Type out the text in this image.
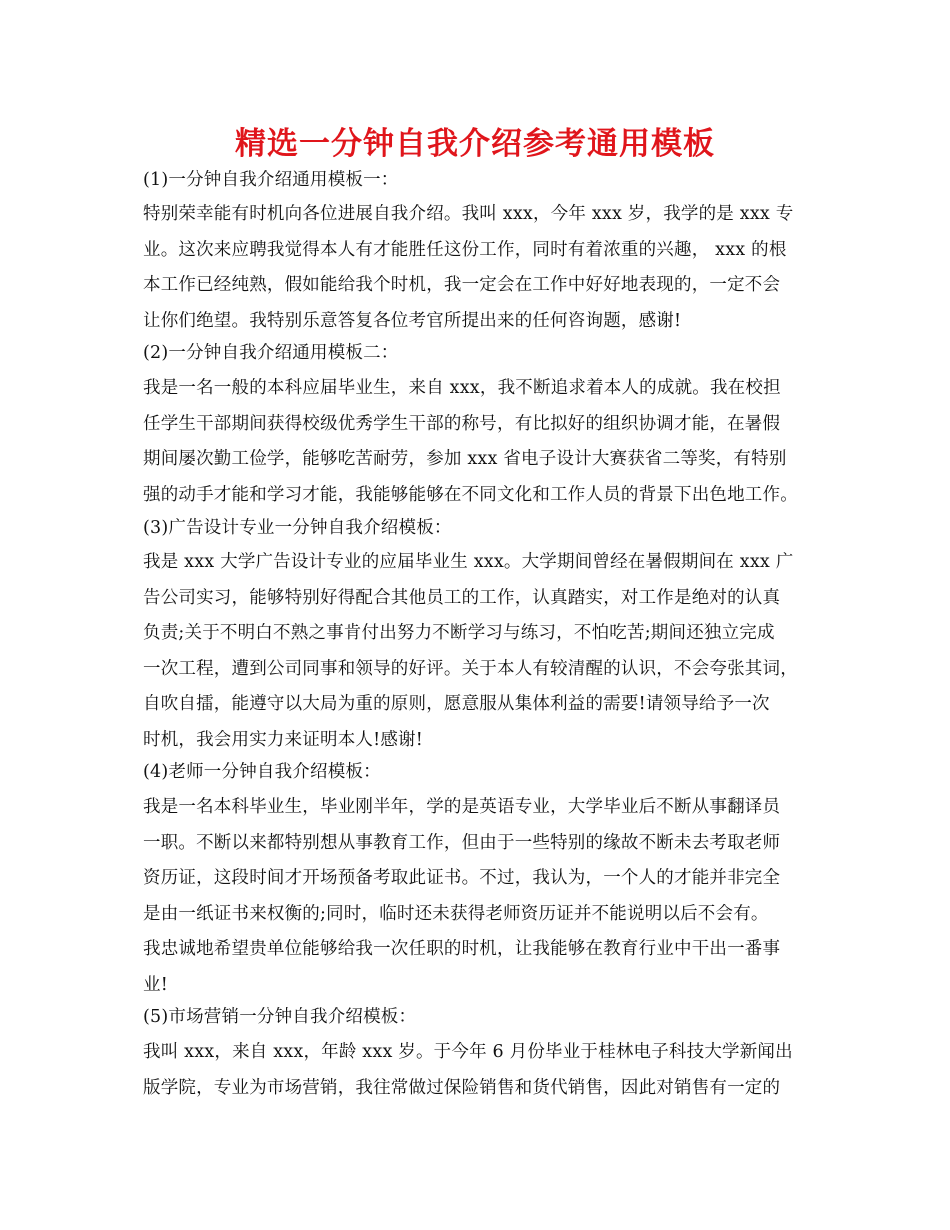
精选一分钟自我介绍参考通用模板
(1)一分钟自我介绍通用模板一：
特别荣幸能有时机向各位进展自我介绍。我叫 xxx，今年 xxx 岁，我学的是 xxx 专
业。这次来应聘我觉得本人有才能胜任这份工作，同时有着浓重的兴趣， xxx 的根
本工作已经纯熟，假如能给我个时机，我一定会在工作中好好地表现的，一定不会
让你们绝望。我特别乐意答复各位考官所提出来的任何咨询题，感谢!
(2)一分钟自我介绍通用模板二：
我是一名一般的本科应届毕业生，来自 xxx，我不断追求着本人的成就。我在校担
任学生干部期间获得校级优秀学生干部的称号，有比拟好的组织协调才能，在暑假
期间屡次勤工俭学，能够吃苦耐劳，参加 xxx 省电子设计大赛获省二等奖，有特别
强的动手才能和学习才能，我能够能够在不同文化和工作人员的背景下出色地工作。
(3)广告设计专业一分钟自我介绍模板：
我是 xxx 大学广告设计专业的应届毕业生 xxx。大学期间曾经在暑假期间在 xxx 广
告公司实习，能够特别好得配合其他员工的工作，认真踏实，对工作是绝对的认真
负责;关于不明白不熟之事肯付出努力不断学习与练习，不怕吃苦;期间还独立完成
一次工程，遭到公司同事和领导的好评。关于本人有较清醒的认识，不会夸张其词，
自吹自擂，能遵守以大局为重的原则，愿意服从集体利益的需要!请领导给予一次
时机，我会用实力来证明本人!感谢!
(4)老师一分钟自我介绍模板：
我是一名本科毕业生，毕业刚半年，学的是英语专业，大学毕业后不断从事翻译员
一职。不断以来都特别想从事教育工作，但由于一些特别的缘故不断未去考取老师
资历证，这段时间才开场预备考取此证书。不过，我认为，一个人的才能并非完全
是由一纸证书来权衡的;同时，临时还未获得老师资历证并不能说明以后不会有。
我忠诚地希望贵单位能够给我一次任职的时机，让我能够在教育行业中干出一番事
业!
(5)市场营销一分钟自我介绍模板：
我叫 xxx，来自 xxx，年龄 xxx 岁。于今年 6 月份毕业于桂林电子科技大学新闻出
版学院，专业为市场营销，我往常做过保险销售和货代销售，因此对销售有一定的
